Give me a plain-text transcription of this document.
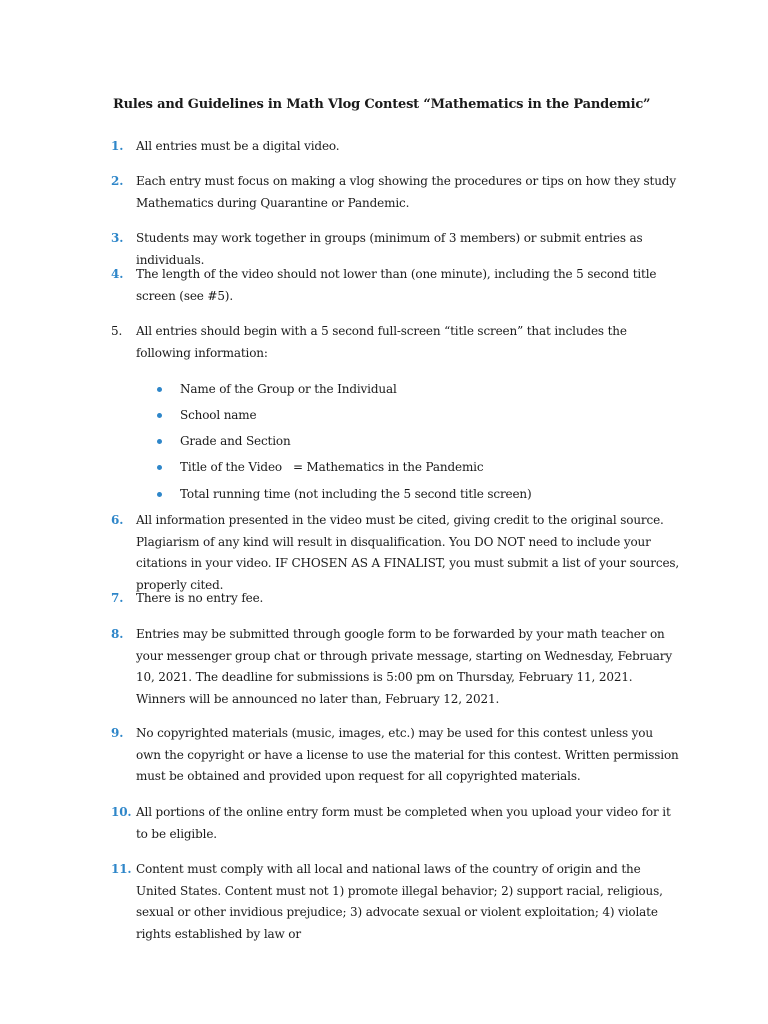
Rules and Guidelines in Math Vlog Contest “Mathematics in the Pandemic”
1.	All entries must be a digital video.
2.	Each entry must focus on making a vlog showing the procedures or tips on how they study Mathematics during Quarantine or Pandemic.
3.	Students may work together in groups (minimum of 3 members) or submit entries as individuals.
4.	The length of the video should not lower than (one minute), including the 5 second title screen (see #5).
5.	All entries should begin with a 5 second full-screen “title screen” that includes the following information:
Name of the Group or the Individual
School name
Grade and Section
Title of the Video   = Mathematics in the Pandemic
Total running time (not including the 5 second title screen)
6.	All information presented in the video must be cited, giving credit to the original source. Plagiarism of any kind will result in disqualification. You DO NOT need to include your citations in your video. IF CHOSEN AS A FINALIST, you must submit a list of your sources, properly cited.
7.	There is no entry fee.
8.	Entries may be submitted through google form to be forwarded by your math teacher on your messenger group chat or through private message, starting on Wednesday, February 10, 2021. The deadline for submissions is 5:00 pm on Thursday, February 11, 2021. Winners will be announced no later than, February 12, 2021.
9.	No copyrighted materials (music, images, etc.) may be used for this contest unless you own the copyright or have a license to use the material for this contest. Written permission must be obtained and provided upon request for all copyrighted materials.
10. All portions of the online entry form must be completed when you upload your video for it to be eligible.
11. Content must comply with all local and national laws of the country of origin and the United States. Content must not 1) promote illegal behavior; 2) support racial, religious, sexual or other invidious prejudice; 3) advocate sexual or violent exploitation; 4) violate rights established by law or
